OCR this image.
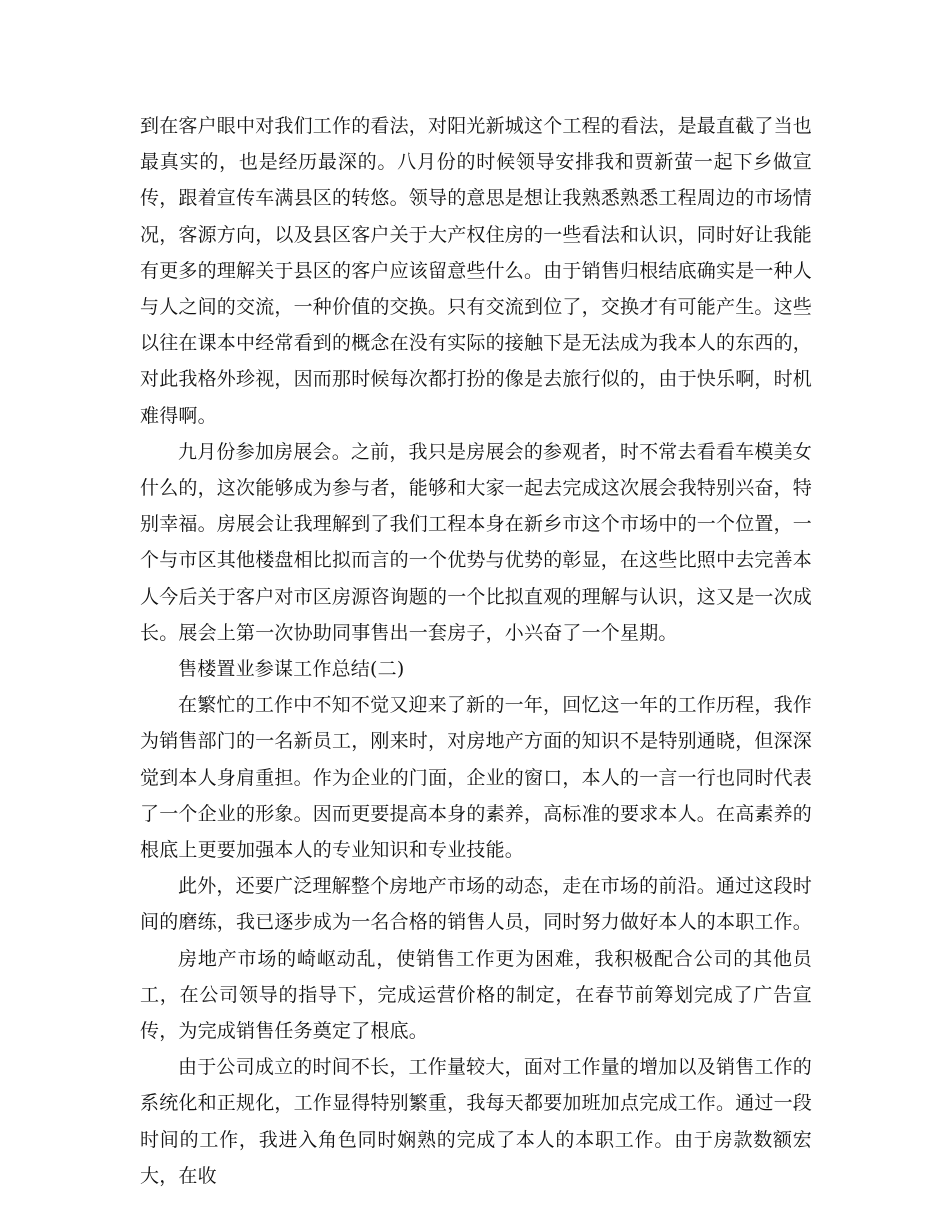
到在客户眼中对我们工作的看法，对阳光新城这个工程的看法，是最直截了当也最真实的，也是经历最深的。八月份的时候领导安排我和贾新萤一起下乡做宣传，跟着宣传车满县区的转悠。领导的意思是想让我熟悉熟悉工程周边的市场情况，客源方向，以及县区客户关于大产权住房的一些看法和认识，同时好让我能有更多的理解关于县区的客户应该留意些什么。由于销售归根结底确实是一种人与人之间的交流，一种价值的交换。只有交流到位了，交换才有可能产生。这些以往在课本中经常看到的概念在没有实际的接触下是无法成为我本人的东西的，对此我格外珍视，因而那时候每次都打扮的像是去旅行似的，由于快乐啊，时机难得啊。

九月份参加房展会。之前，我只是房展会的参观者，时不常去看看车模美女什么的，这次能够成为参与者，能够和大家一起去完成这次展会我特别兴奋，特别幸福。房展会让我理解到了我们工程本身在新乡市这个市场中的一个位置，一个与市区其他楼盘相比拟而言的一个优势与优势的彰显，在这些比照中去完善本人今后关于客户对市区房源咨询题的一个比拟直观的理解与认识，这又是一次成长。展会上第一次协助同事售出一套房子，小兴奋了一个星期。

售楼置业参谋工作总结(二)

在繁忙的工作中不知不觉又迎来了新的一年，回忆这一年的工作历程，我作为销售部门的一名新员工，刚来时，对房地产方面的知识不是特别通晓，但深深觉到本人身肩重担。作为企业的门面，企业的窗口，本人的一言一行也同时代表了一个企业的形象。因而更要提高本身的素养，高标准的要求本人。在高素养的根底上更要加强本人的专业知识和专业技能。

此外，还要广泛理解整个房地产市场的动态，走在市场的前沿。通过这段时间的磨练，我已逐步成为一名合格的销售人员，同时努力做好本人的本职工作。

房地产市场的崎岖动乱，使销售工作更为困难，我积极配合公司的其他员工，在公司领导的指导下，完成运营价格的制定，在春节前筹划完成了广告宣传，为完成销售任务奠定了根底。

由于公司成立的时间不长，工作量较大，面对工作量的增加以及销售工作的系统化和正规化，工作显得特别繁重，我每天都要加班加点完成工作。通过一段时间的工作，我进入角色同时娴熟的完成了本人的本职工作。由于房款数额宏大，在收
